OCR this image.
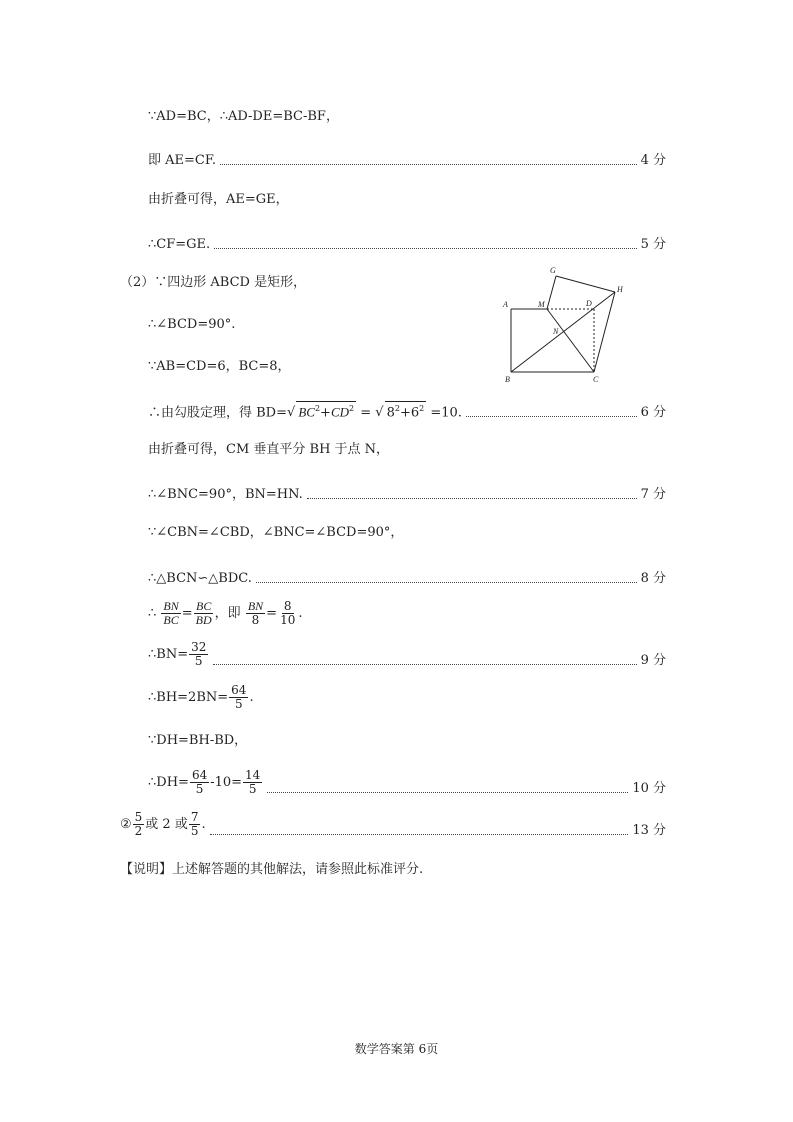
∵AD=BC，∴AD-DE=BC-BF，
即 AE=CF.	4 分
由折叠可得，AE=GE，
∴CF=GE.	5 分
（2）∵四边形 ABCD 是矩形，
∴∠BCD=90°.
∵AB=CD=6，BC=8，
∴由勾股定理，得 BD=√ $BC^2+CD^2$ = √ $8^2+6^2 =10$.	6 分
由折叠可得，CM 垂直平分 BH 于点 N，
∴∠BNC=90°，BN=HN.	7 分
∵∠CBN=∠CBD，∠BNC=∠BCD=90°，
∴△BCN∽△BDC.	8 分
∴ $\frac{BN}{BC} = \frac{BC}{BD}$ ，即 $\frac{BN}{8} = \frac{8}{10}$ .
∴BN= $\frac{32}{5}$	9 分
∴BH=2BN= $\frac{64}{5}$ .
∵DH=BH-BD，
∴DH= $\frac{64}{5} -10= \frac{14}{5}$	10 分
② $\frac{5}{2}$ 或 2 或 $\frac{7}{5}$ .	13 分
【说明】上述解答题的其他解法，请参照此标准评分.
A
B	C
D
G
H
M
N
数学答案第 6页
